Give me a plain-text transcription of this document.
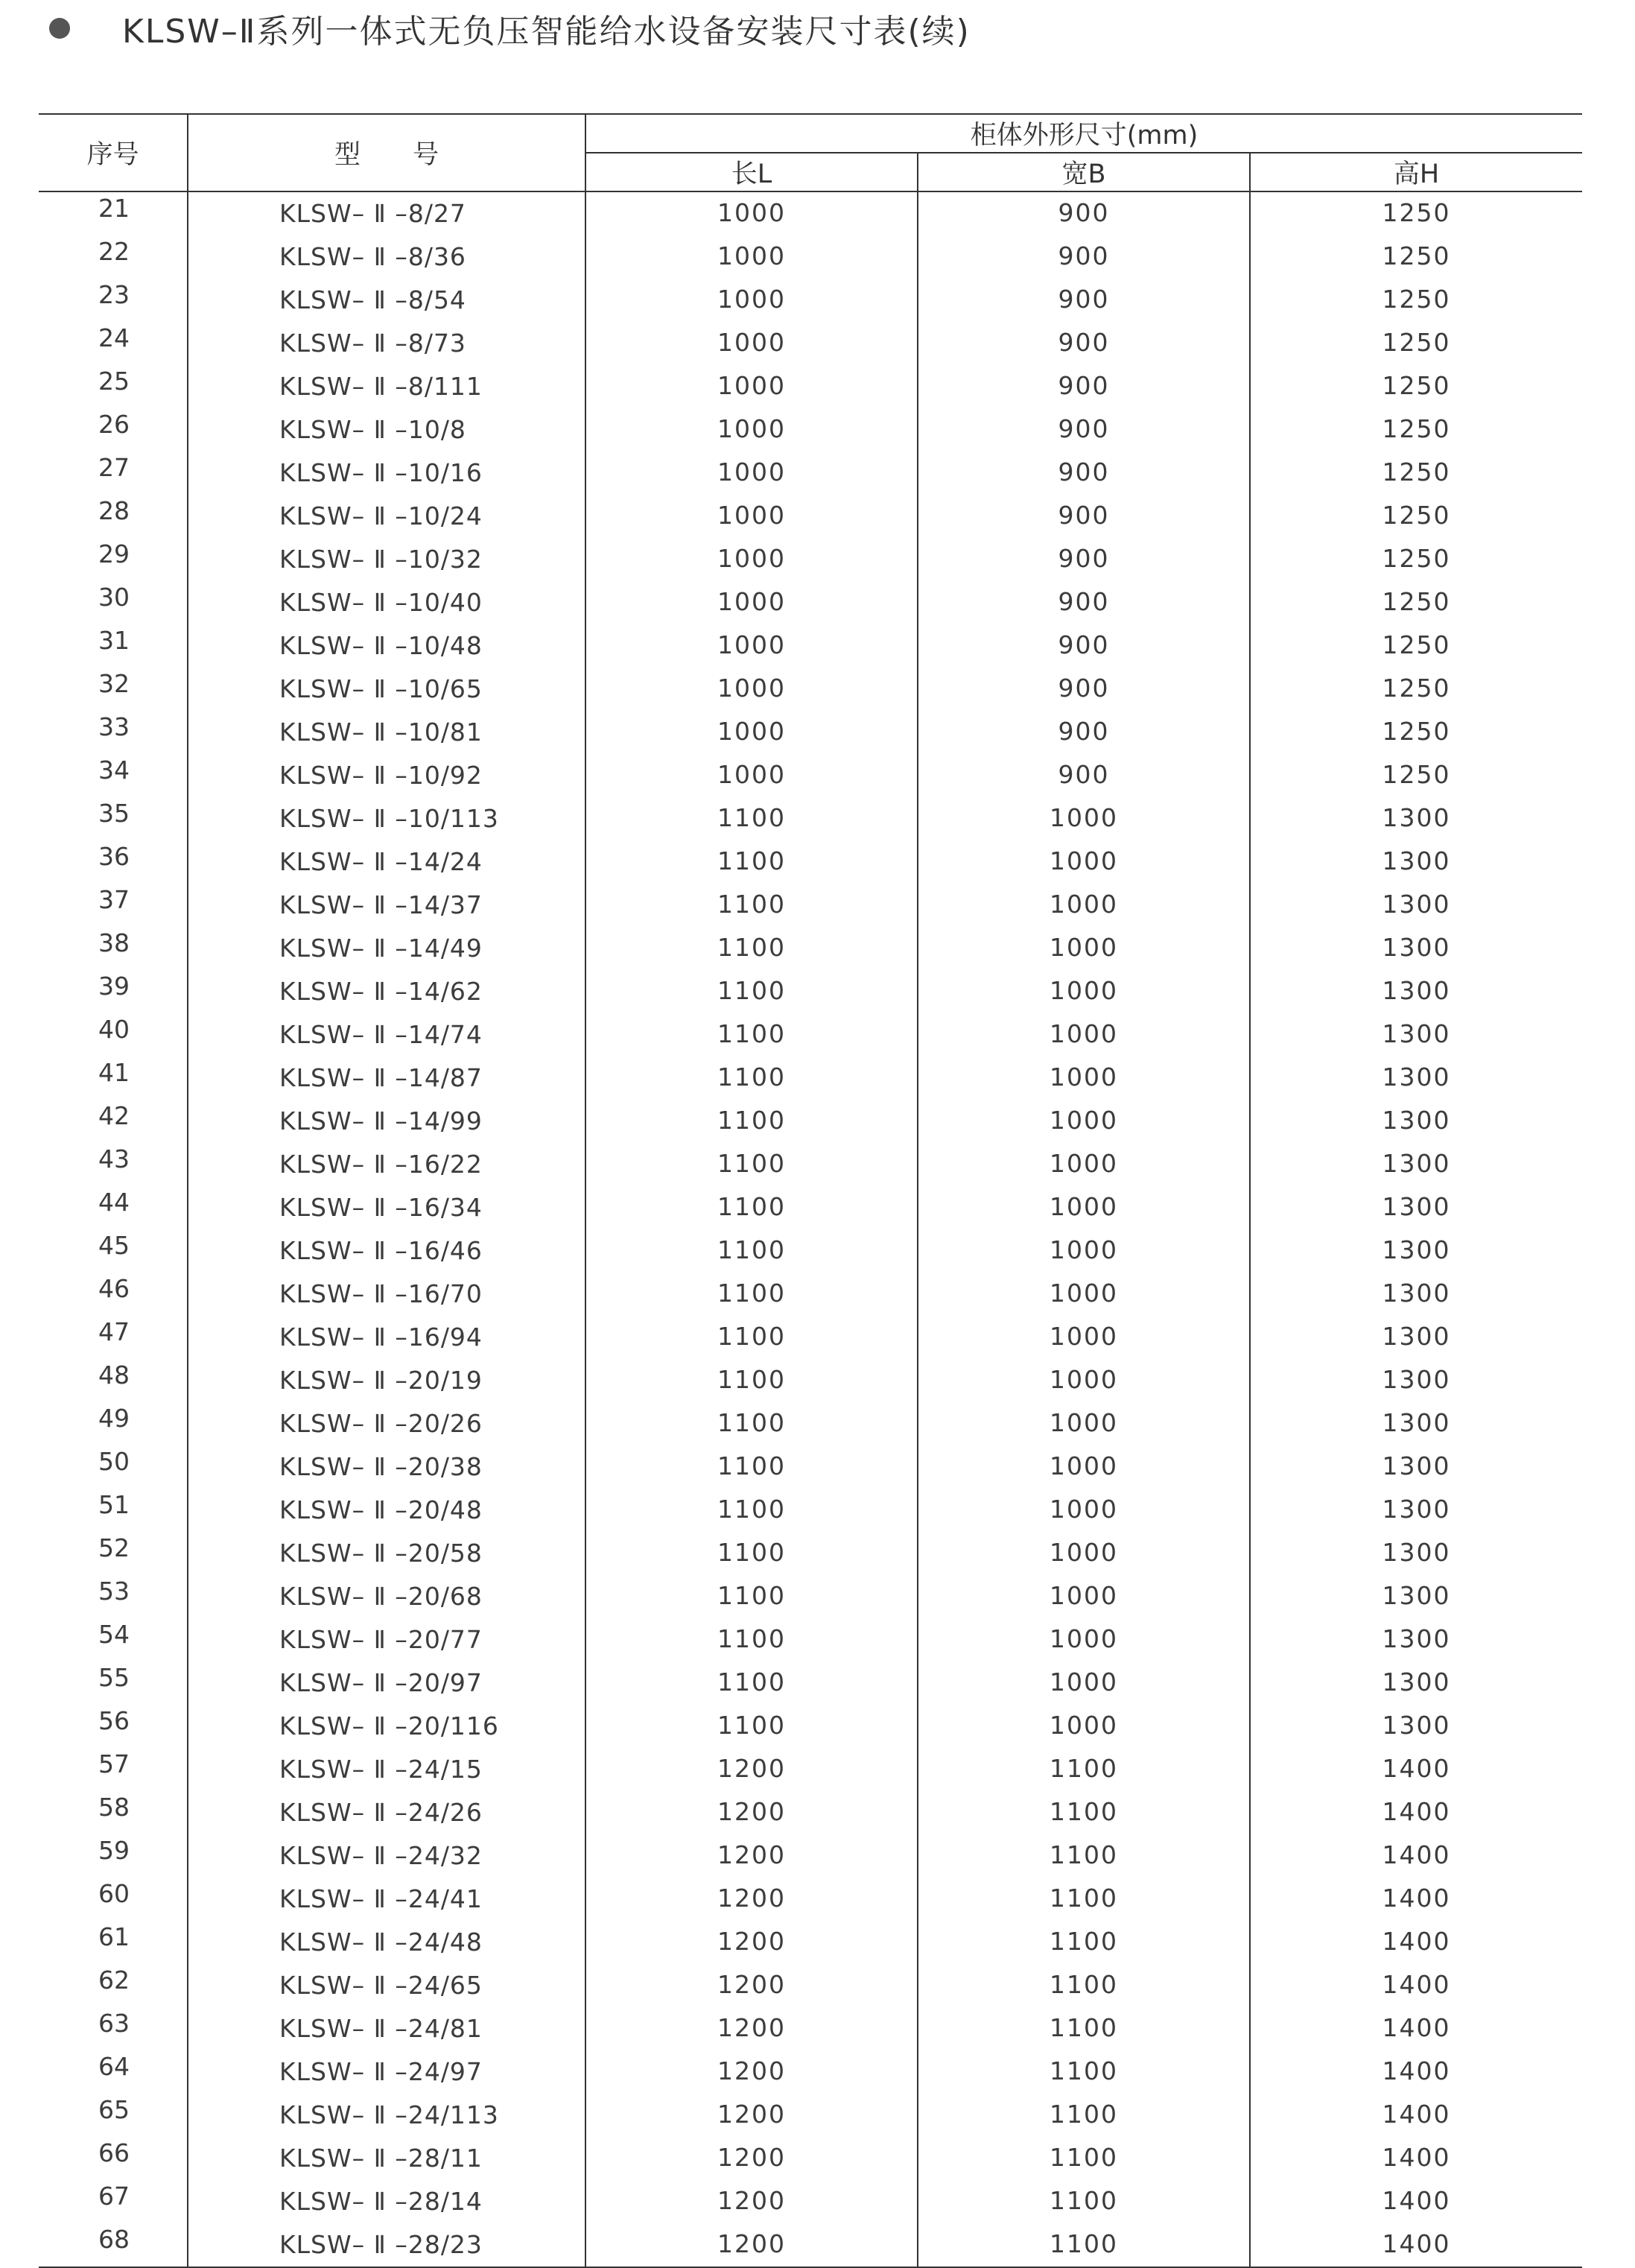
KLSW–Ⅱ系列一体式无负压智能给水设备安装尺寸表(续)
序号	型　　号	柜体外形尺寸(mm)		
		长L	宽B	高H
21	KLSW– Ⅱ –8/27	1000	900	1250
22	KLSW– Ⅱ –8/36	1000	900	1250
23	KLSW– Ⅱ –8/54	1000	900	1250
24	KLSW– Ⅱ –8/73	1000	900	1250
25	KLSW– Ⅱ –8/111	1000	900	1250
26	KLSW– Ⅱ –10/8	1000	900	1250
27	KLSW– Ⅱ –10/16	1000	900	1250
28	KLSW– Ⅱ –10/24	1000	900	1250
29	KLSW– Ⅱ –10/32	1000	900	1250
30	KLSW– Ⅱ –10/40	1000	900	1250
31	KLSW– Ⅱ –10/48	1000	900	1250
32	KLSW– Ⅱ –10/65	1000	900	1250
33	KLSW– Ⅱ –10/81	1000	900	1250
34	KLSW– Ⅱ –10/92	1000	900	1250
35	KLSW– Ⅱ –10/113	1100	1000	1300
36	KLSW– Ⅱ –14/24	1100	1000	1300
37	KLSW– Ⅱ –14/37	1100	1000	1300
38	KLSW– Ⅱ –14/49	1100	1000	1300
39	KLSW– Ⅱ –14/62	1100	1000	1300
40	KLSW– Ⅱ –14/74	1100	1000	1300
41	KLSW– Ⅱ –14/87	1100	1000	1300
42	KLSW– Ⅱ –14/99	1100	1000	1300
43	KLSW– Ⅱ –16/22	1100	1000	1300
44	KLSW– Ⅱ –16/34	1100	1000	1300
45	KLSW– Ⅱ –16/46	1100	1000	1300
46	KLSW– Ⅱ –16/70	1100	1000	1300
47	KLSW– Ⅱ –16/94	1100	1000	1300
48	KLSW– Ⅱ –20/19	1100	1000	1300
49	KLSW– Ⅱ –20/26	1100	1000	1300
50	KLSW– Ⅱ –20/38	1100	1000	1300
51	KLSW– Ⅱ –20/48	1100	1000	1300
52	KLSW– Ⅱ –20/58	1100	1000	1300
53	KLSW– Ⅱ –20/68	1100	1000	1300
54	KLSW– Ⅱ –20/77	1100	1000	1300
55	KLSW– Ⅱ –20/97	1100	1000	1300
56	KLSW– Ⅱ –20/116	1100	1000	1300
57	KLSW– Ⅱ –24/15	1200	1100	1400
58	KLSW– Ⅱ –24/26	1200	1100	1400
59	KLSW– Ⅱ –24/32	1200	1100	1400
60	KLSW– Ⅱ –24/41	1200	1100	1400
61	KLSW– Ⅱ –24/48	1200	1100	1400
62	KLSW– Ⅱ –24/65	1200	1100	1400
63	KLSW– Ⅱ –24/81	1200	1100	1400
64	KLSW– Ⅱ –24/97	1200	1100	1400
65	KLSW– Ⅱ –24/113	1200	1100	1400
66	KLSW– Ⅱ –28/11	1200	1100	1400
67	KLSW– Ⅱ –28/14	1200	1100	1400
68	KLSW– Ⅱ –28/23	1200	1100	1400
